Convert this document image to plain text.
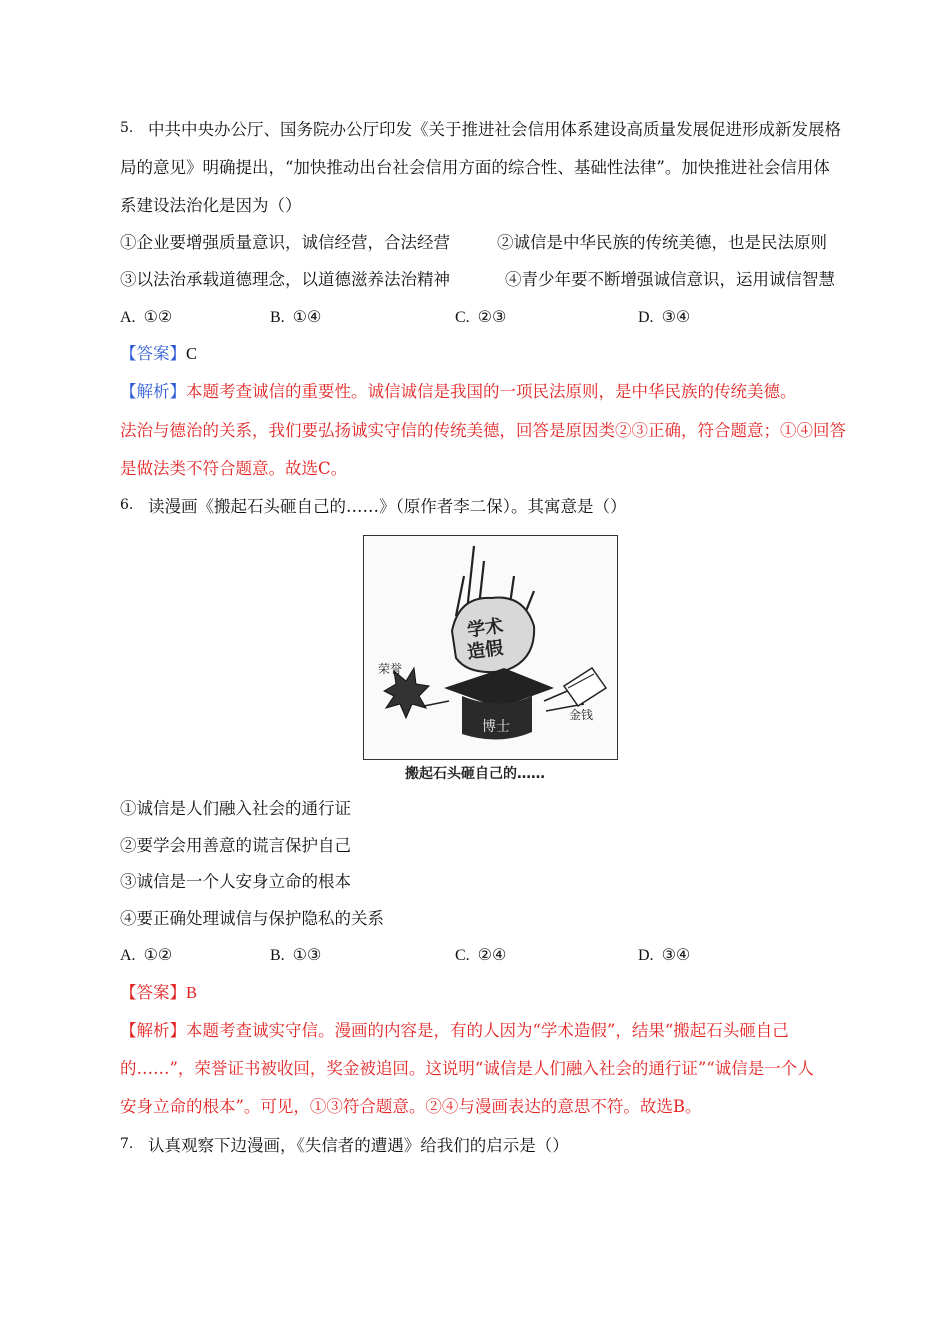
5. 中共中央办公厅、国务院办公厅印发《关于推进社会信用体系建设高质量发展促进形成新发展格
局的意见》明确提出，“加快推动出台社会信用方面的综合性、基础性法律”。加快推进社会信用体
系建设法治化是因为（）
①企业要增强质量意识，诚信经营，合法经营	②诚信是中华民族的传统美德，也是民法原则
③以法治承载道德理念，以道德滋养法治精神	④青少年要不断增强诚信意识，运用诚信智慧
A. ①②	B. ①④	C. ②③	D. ③④
【答案】C
【解析】本题考查诚信的重要性。诚信诚信是我国的一项民法原则，是中华民族的传统美德。
法治与德治的关系，我们要弘扬诚实守信的传统美德，回答是原因类②③正确，符合题意；①④回答
是做法类不符合题意。故选C。
6. 读漫画《搬起石头砸自己的……》（原作者李二保）。其寓意是（）
学术
造假
荣誉
金钱
博士
搬起石头砸自己的……
①诚信是人们融入社会的通行证
②要学会用善意的谎言保护自己
③诚信是一个人安身立命的根本
④要正确处理诚信与保护隐私的关系
A. ①②	B. ①③	C. ②④	D. ③④
【答案】B
【解析】本题考查诚实守信。漫画的内容是，有的人因为“学术造假”，结果“搬起石头砸自己
的……”，荣誉证书被收回，奖金被追回。这说明“诚信是人们融入社会的通行证”“诚信是一个人
安身立命的根本”。可见，①③符合题意。②④与漫画表达的意思不符。故选B。
7. 认真观察下边漫画，《失信者的遭遇》给我们的启示是（）
